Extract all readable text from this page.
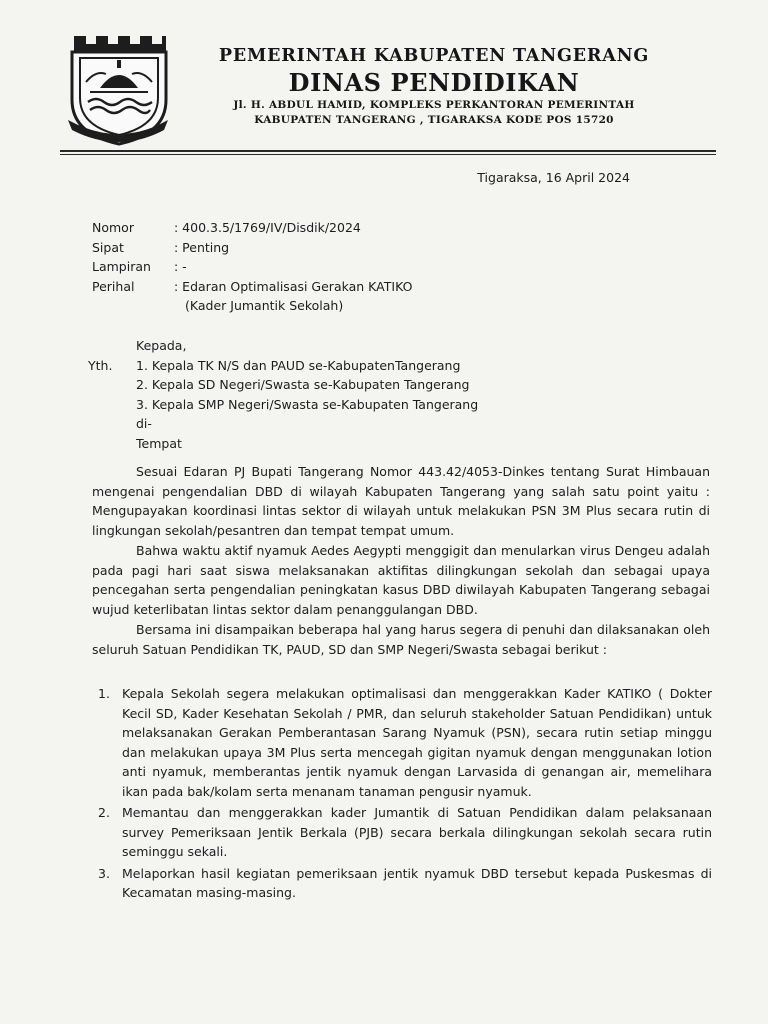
PEMERINTAH KABUPATEN TANGERANG
DINAS PENDIDIKAN
Jl. H. ABDUL HAMID, KOMPLEKS PERKANTORAN PEMERINTAH
KABUPATEN TANGERANG , TIGARAKSA KODE POS 15720
Tigaraksa, 16 April 2024
Nomor	: 400.3.5/1769/IV/Disdik/2024
Sipat	: Penting
Lampiran	: -
Perihal	: Edaran Optimalisasi Gerakan KATIKO
(Kader Jumantik Sekolah)
Kepada,
Yth.	1. Kepala TK N/S dan PAUD se-KabupatenTangerang
2. Kepala SD Negeri/Swasta se-Kabupaten Tangerang
3. Kepala SMP Negeri/Swasta se-Kabupaten Tangerang
di-
Tempat

Sesuai Edaran PJ Bupati Tangerang Nomor 443.42/4053-Dinkes tentang Surat Himbauan mengenai pengendalian DBD di wilayah Kabupaten Tangerang yang salah satu point yaitu : Mengupayakan koordinasi lintas sektor di wilayah untuk melakukan PSN 3M Plus secara rutin di lingkungan sekolah/pesantren dan tempat tempat umum.

Bahwa waktu aktif nyamuk Aedes Aegypti menggigit dan menularkan virus Dengeu adalah pada pagi hari saat siswa melaksanakan aktifitas dilingkungan sekolah dan sebagai upaya pencegahan serta pengendalian peningkatan kasus DBD diwilayah Kabupaten Tangerang sebagai wujud keterlibatan lintas sektor dalam penanggulangan DBD.

Bersama ini disampaikan beberapa hal yang harus segera di penuhi dan dilaksanakan oleh seluruh Satuan Pendidikan TK, PAUD, SD dan SMP Negeri/Swasta sebagai berikut :

1. Kepala Sekolah segera melakukan optimalisasi dan menggerakkan Kader KATIKO ( Dokter Kecil SD, Kader Kesehatan Sekolah / PMR, dan seluruh stakeholder Satuan Pendidikan) untuk melaksanakan Gerakan Pemberantasan Sarang Nyamuk (PSN), secara rutin setiap minggu dan melakukan upaya 3M Plus serta mencegah gigitan nyamuk dengan menggunakan lotion anti nyamuk, memberantas jentik nyamuk dengan Larvasida di genangan air, memelihara ikan pada bak/kolam serta menanam tanaman pengusir nyamuk.
2. Memantau dan menggerakkan kader Jumantik di Satuan Pendidikan dalam pelaksanaan survey Pemeriksaan Jentik Berkala (PJB) secara berkala dilingkungan sekolah secara rutin seminggu sekali.
3. Melaporkan hasil kegiatan pemeriksaan jentik nyamuk DBD tersebut kepada Puskesmas di Kecamatan masing-masing.
